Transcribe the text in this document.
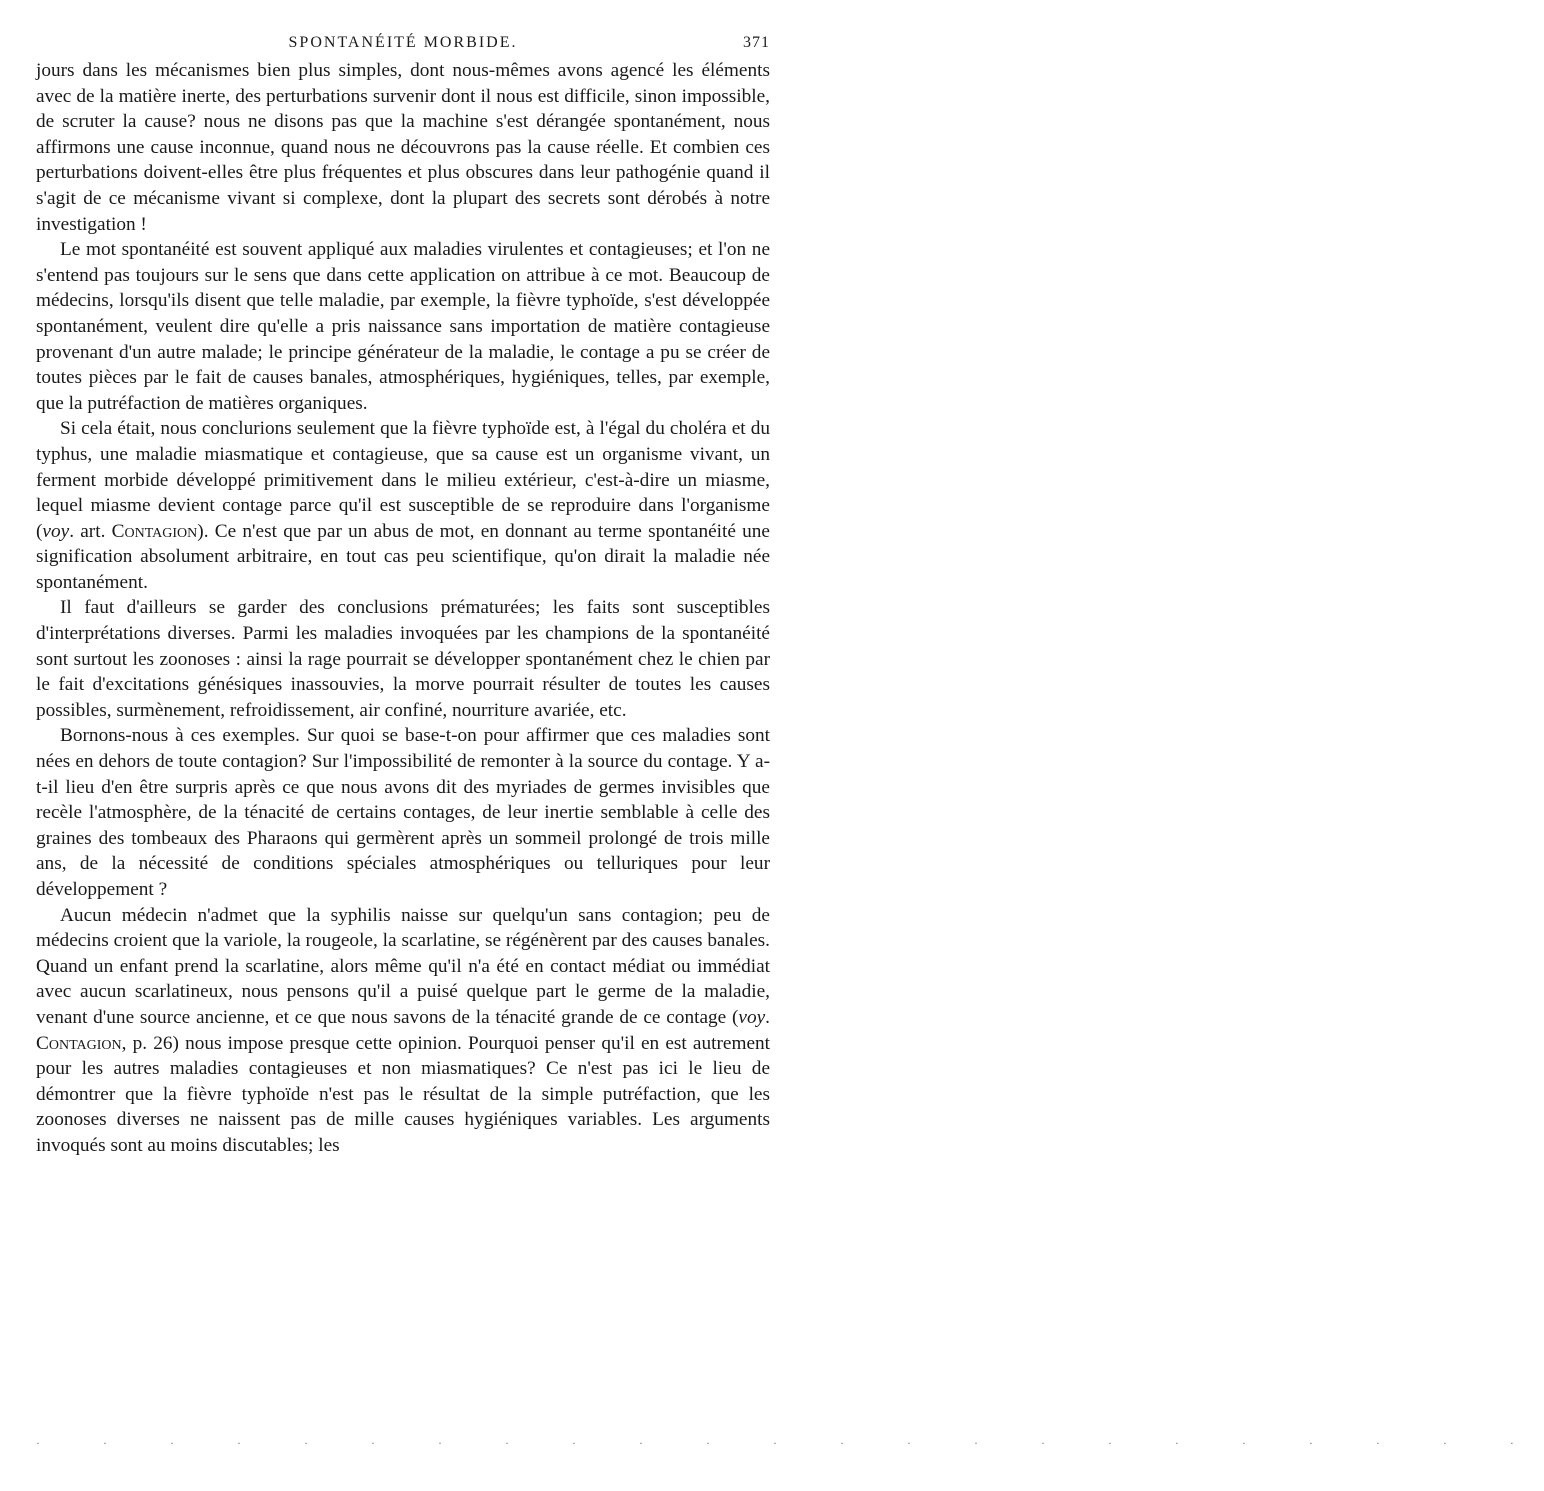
SPONTANÉITÉ MORBIDE.	371

jours dans les mécanismes bien plus simples, dont nous-mêmes avons agencé les éléments avec de la matière inerte, des perturbations survenir dont il nous est difficile, sinon impossible, de scruter la cause? nous ne disons pas que la machine s'est dérangée spontanément, nous affirmons une cause inconnue, quand nous ne découvrons pas la cause réelle. Et combien ces perturbations doivent-elles être plus fréquentes et plus obscures dans leur pathogénie quand il s'agit de ce mécanisme vivant si complexe, dont la plupart des secrets sont dérobés à notre investigation !

Le mot spontanéité est souvent appliqué aux maladies virulentes et contagieuses; et l'on ne s'entend pas toujours sur le sens que dans cette application on attribue à ce mot. Beaucoup de médecins, lorsqu'ils disent que telle maladie, par exemple, la fièvre typhoïde, s'est développée spontanément, veulent dire qu'elle a pris naissance sans importation de matière contagieuse provenant d'un autre malade; le principe générateur de la maladie, le contage a pu se créer de toutes pièces par le fait de causes banales, atmosphériques, hygiéniques, telles, par exemple, que la putréfaction de matières organiques.

Si cela était, nous conclurions seulement que la fièvre typhoïde est, à l'égal du choléra et du typhus, une maladie miasmatique et contagieuse, que sa cause est un organisme vivant, un ferment morbide développé primitivement dans le milieu extérieur, c'est-à-dire un miasme, lequel miasme devient contage parce qu'il est susceptible de se reproduire dans l'organisme (voy. art. Contagion). Ce n'est que par un abus de mot, en donnant au terme spontanéité une signification absolument arbitraire, en tout cas peu scientifique, qu'on dirait la maladie née spontanément.

Il faut d'ailleurs se garder des conclusions prématurées; les faits sont susceptibles d'interprétations diverses. Parmi les maladies invoquées par les champions de la spontanéité sont surtout les zoonoses : ainsi la rage pourrait se développer spontanément chez le chien par le fait d'excitations génésiques inassouvies, la morve pourrait résulter de toutes les causes possibles, surmènement, refroidissement, air confiné, nourriture avariée, etc.

Bornons-nous à ces exemples. Sur quoi se base-t-on pour affirmer que ces maladies sont nées en dehors de toute contagion? Sur l'impossibilité de remonter à la source du contage. Y a-t-il lieu d'en être surpris après ce que nous avons dit des myriades de germes invisibles que recèle l'atmosphère, de la ténacité de certains contages, de leur inertie semblable à celle des graines des tombeaux des Pharaons qui germèrent après un sommeil prolongé de trois mille ans, de la nécessité de conditions spéciales atmosphériques ou telluriques pour leur développement ?

Aucun médecin n'admet que la syphilis naisse sur quelqu'un sans contagion; peu de médecins croient que la variole, la rougeole, la scarlatine, se régénèrent par des causes banales. Quand un enfant prend la scarlatine, alors même qu'il n'a été en contact médiat ou immédiat avec aucun scarlatineux, nous pensons qu'il a puisé quelque part le germe de la maladie, venant d'une source ancienne, et ce que nous savons de la ténacité grande de ce contage (voy. Contagion, p. 26) nous impose presque cette opinion. Pourquoi penser qu'il en est autrement pour les autres maladies contagieuses et non miasmatiques? Ce n'est pas ici le lieu de démontrer que la fièvre typhoïde n'est pas le résultat de la simple putréfaction, que les zoonoses diverses ne naissent pas de mille causes hygiéniques variables. Les arguments invoqués sont au moins discutables; les

· · · · · · · · · · · · · · · · · · · · · · ·
